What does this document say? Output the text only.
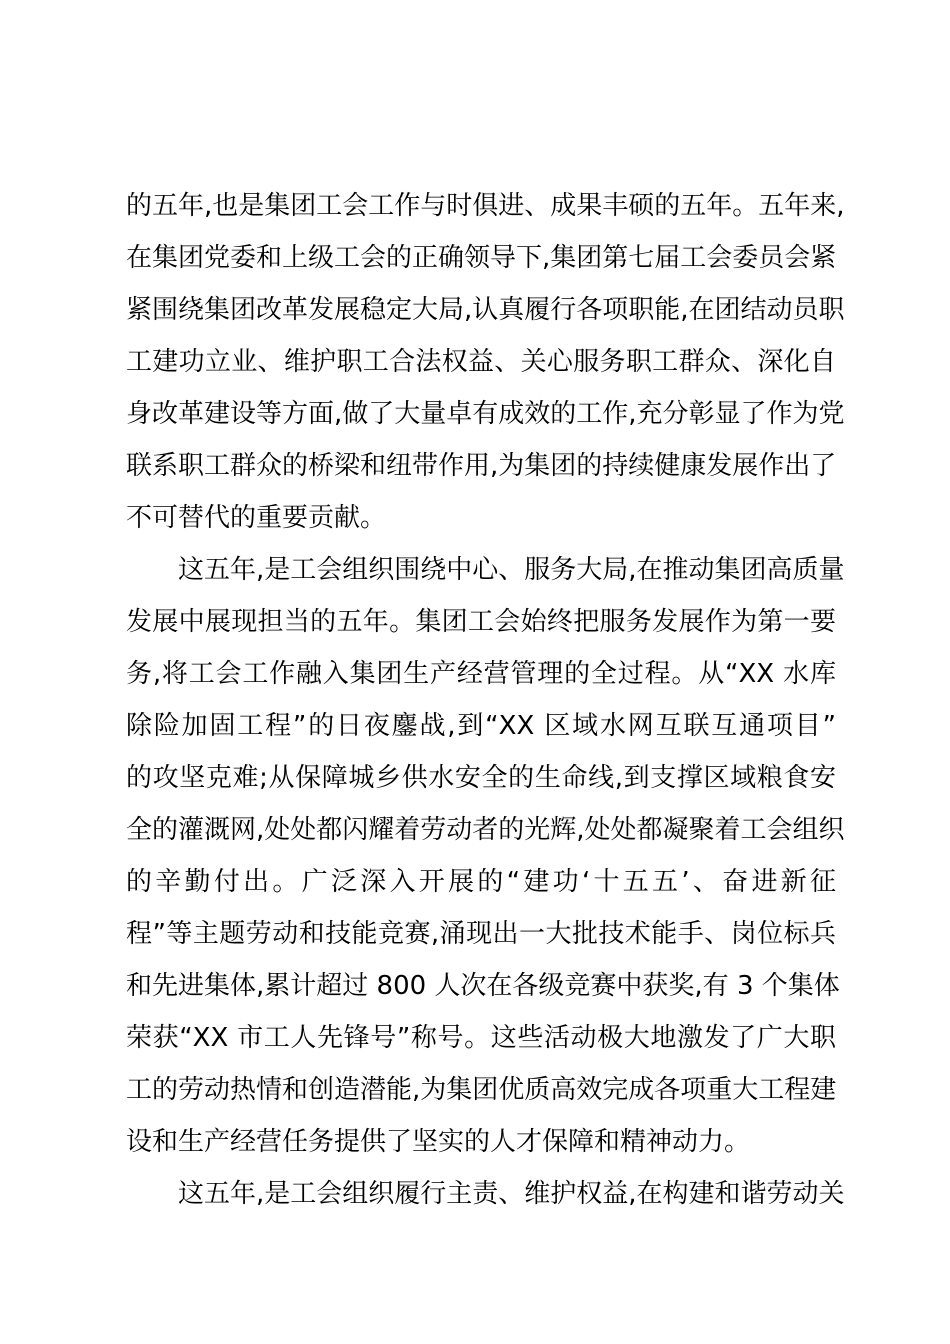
的五年,也是集团工会工作与时俱进、成果丰硕的五年。五年来,
在集团党委和上级工会的正确领导下,集团第七届工会委员会紧
紧围绕集团改革发展稳定大局,认真履行各项职能,在团结动员职
工建功立业、维护职工合法权益、关心服务职工群众、深化自
身改革建设等方面,做了大量卓有成效的工作,充分彰显了作为党
联系职工群众的桥梁和纽带作用,为集团的持续健康发展作出了
不可替代的重要贡献。
这五年,是工会组织围绕中心、服务大局,在推动集团高质量
发展中展现担当的五年。集团工会始终把服务发展作为第一要
务,将工会工作融入集团生产经营管理的全过程。从“XX 水库
除险加固工程”的日夜鏖战,到“XX 区域水网互联互通项目”
的攻坚克难;从保障城乡供水安全的生命线,到支撑区域粮食安
全的灌溉网,处处都闪耀着劳动者的光辉,处处都凝聚着工会组织
的辛勤付出。广泛深入开展的“建功‘十五五’、奋进新征
程”等主题劳动和技能竞赛,涌现出一大批技术能手、岗位标兵
和先进集体,累计超过 800 人次在各级竞赛中获奖,有 3 个集体
荣获“XX 市工人先锋号”称号。这些活动极大地激发了广大职
工的劳动热情和创造潜能,为集团优质高效完成各项重大工程建
设和生产经营任务提供了坚实的人才保障和精神动力。
这五年,是工会组织履行主责、维护权益,在构建和谐劳动关
